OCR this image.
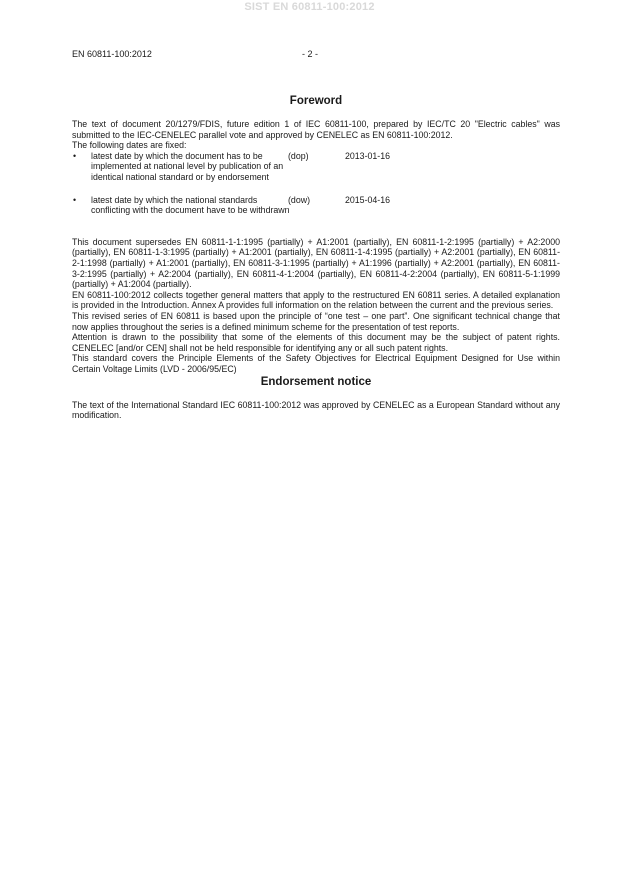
SIST EN 60811-100:2012
EN 60811-100:2012	- 2 -
Foreword

The text of document 20/1279/FDIS, future edition 1 of IEC 60811-100, prepared by IEC/TC 20 "Electric cables" was submitted to the IEC-CENELEC parallel vote and approved by CENELEC as EN 60811-100:2012.

The following dates are fixed:

• latest date by which the document has to be implemented at national level by publication of an identical national standard or by endorsement
(dop)	2013-01-16
• latest date by which the national standards conflicting with the document have to be withdrawn
(dow)	2015-04-16

This document supersedes EN 60811-1-1:1995 (partially) + A1:2001 (partially), EN 60811-1-2:1995 (partially) + A2:2000 (partially), EN 60811-1-3:1995 (partially) + A1:2001 (partially), EN 60811-1-4:1995 (partially) + A2:2001 (partially), EN 60811-2-1:1998 (partially) + A1:2001 (partially), EN 60811-3-1:1995 (partially) + A1:1996 (partially) + A2:2001 (partially), EN 60811-3-2:1995 (partially) + A2:2004 (partially), EN 60811-4-1:2004 (partially), EN 60811-4-2:2004 (partially), EN 60811-5-1:1999 (partially) + A1:2004 (partially).

EN 60811-100:2012 collects together general matters that apply to the restructured EN 60811 series. A detailed explanation is provided in the Introduction. Annex A provides full information on the relation between the current and the previous series.

This revised series of EN 60811 is based upon the principle of “one test – one part”. One significant technical change that now applies throughout the series is a defined minimum scheme for the presentation of test reports.

Attention is drawn to the possibility that some of the elements of this document may be the subject of patent rights. CENELEC [and/or CEN] shall not be held responsible for identifying any or all such patent rights.

This standard covers the Principle Elements of the Safety Objectives for Electrical Equipment Designed for Use within Certain Voltage Limits (LVD - 2006/95/EC)

Endorsement notice

The text of the International Standard IEC 60811-100:2012 was approved by CENELEC as a European Standard without any modification.
